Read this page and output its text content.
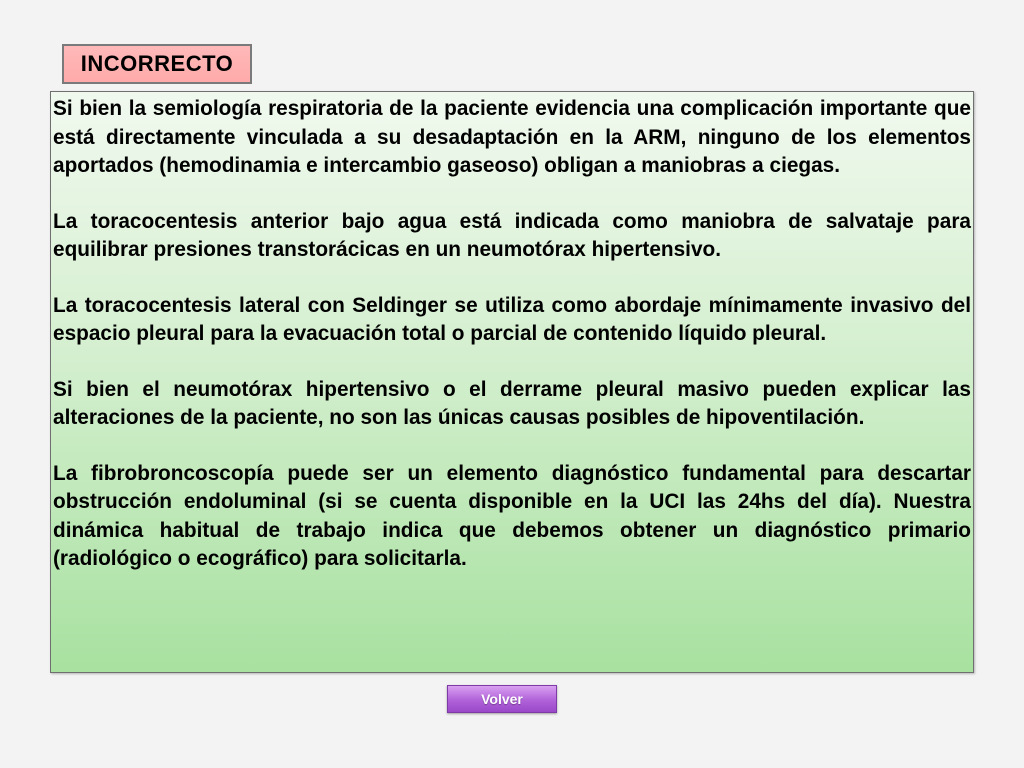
INCORRECTO

Si bien la semiología respiratoria de la paciente evidencia una complicación importante que está directamente vinculada a su desadaptación en la ARM, ninguno de los elementos aportados (hemodinamia e intercambio gaseoso) obligan a maniobras a ciegas.

La toracocentesis anterior bajo agua está indicada como maniobra de salvataje para equilibrar presiones transtorácicas en un neumotórax hipertensivo.

La toracocentesis lateral con Seldinger se utiliza como abordaje mínimamente invasivo del espacio pleural para la evacuación total o parcial de contenido líquido pleural.

Si bien el neumotórax hipertensivo o el derrame pleural masivo pueden explicar las alteraciones de la paciente, no son las únicas causas posibles de hipoventilación.

La fibrobroncoscopía puede ser un elemento diagnóstico fundamental para descartar obstrucción endoluminal (si se cuenta disponible en la UCI las 24hs del día). Nuestra dinámica habitual de trabajo indica que debemos obtener un diagnóstico primario (radiológico o ecográfico) para solicitarla.

Volver
